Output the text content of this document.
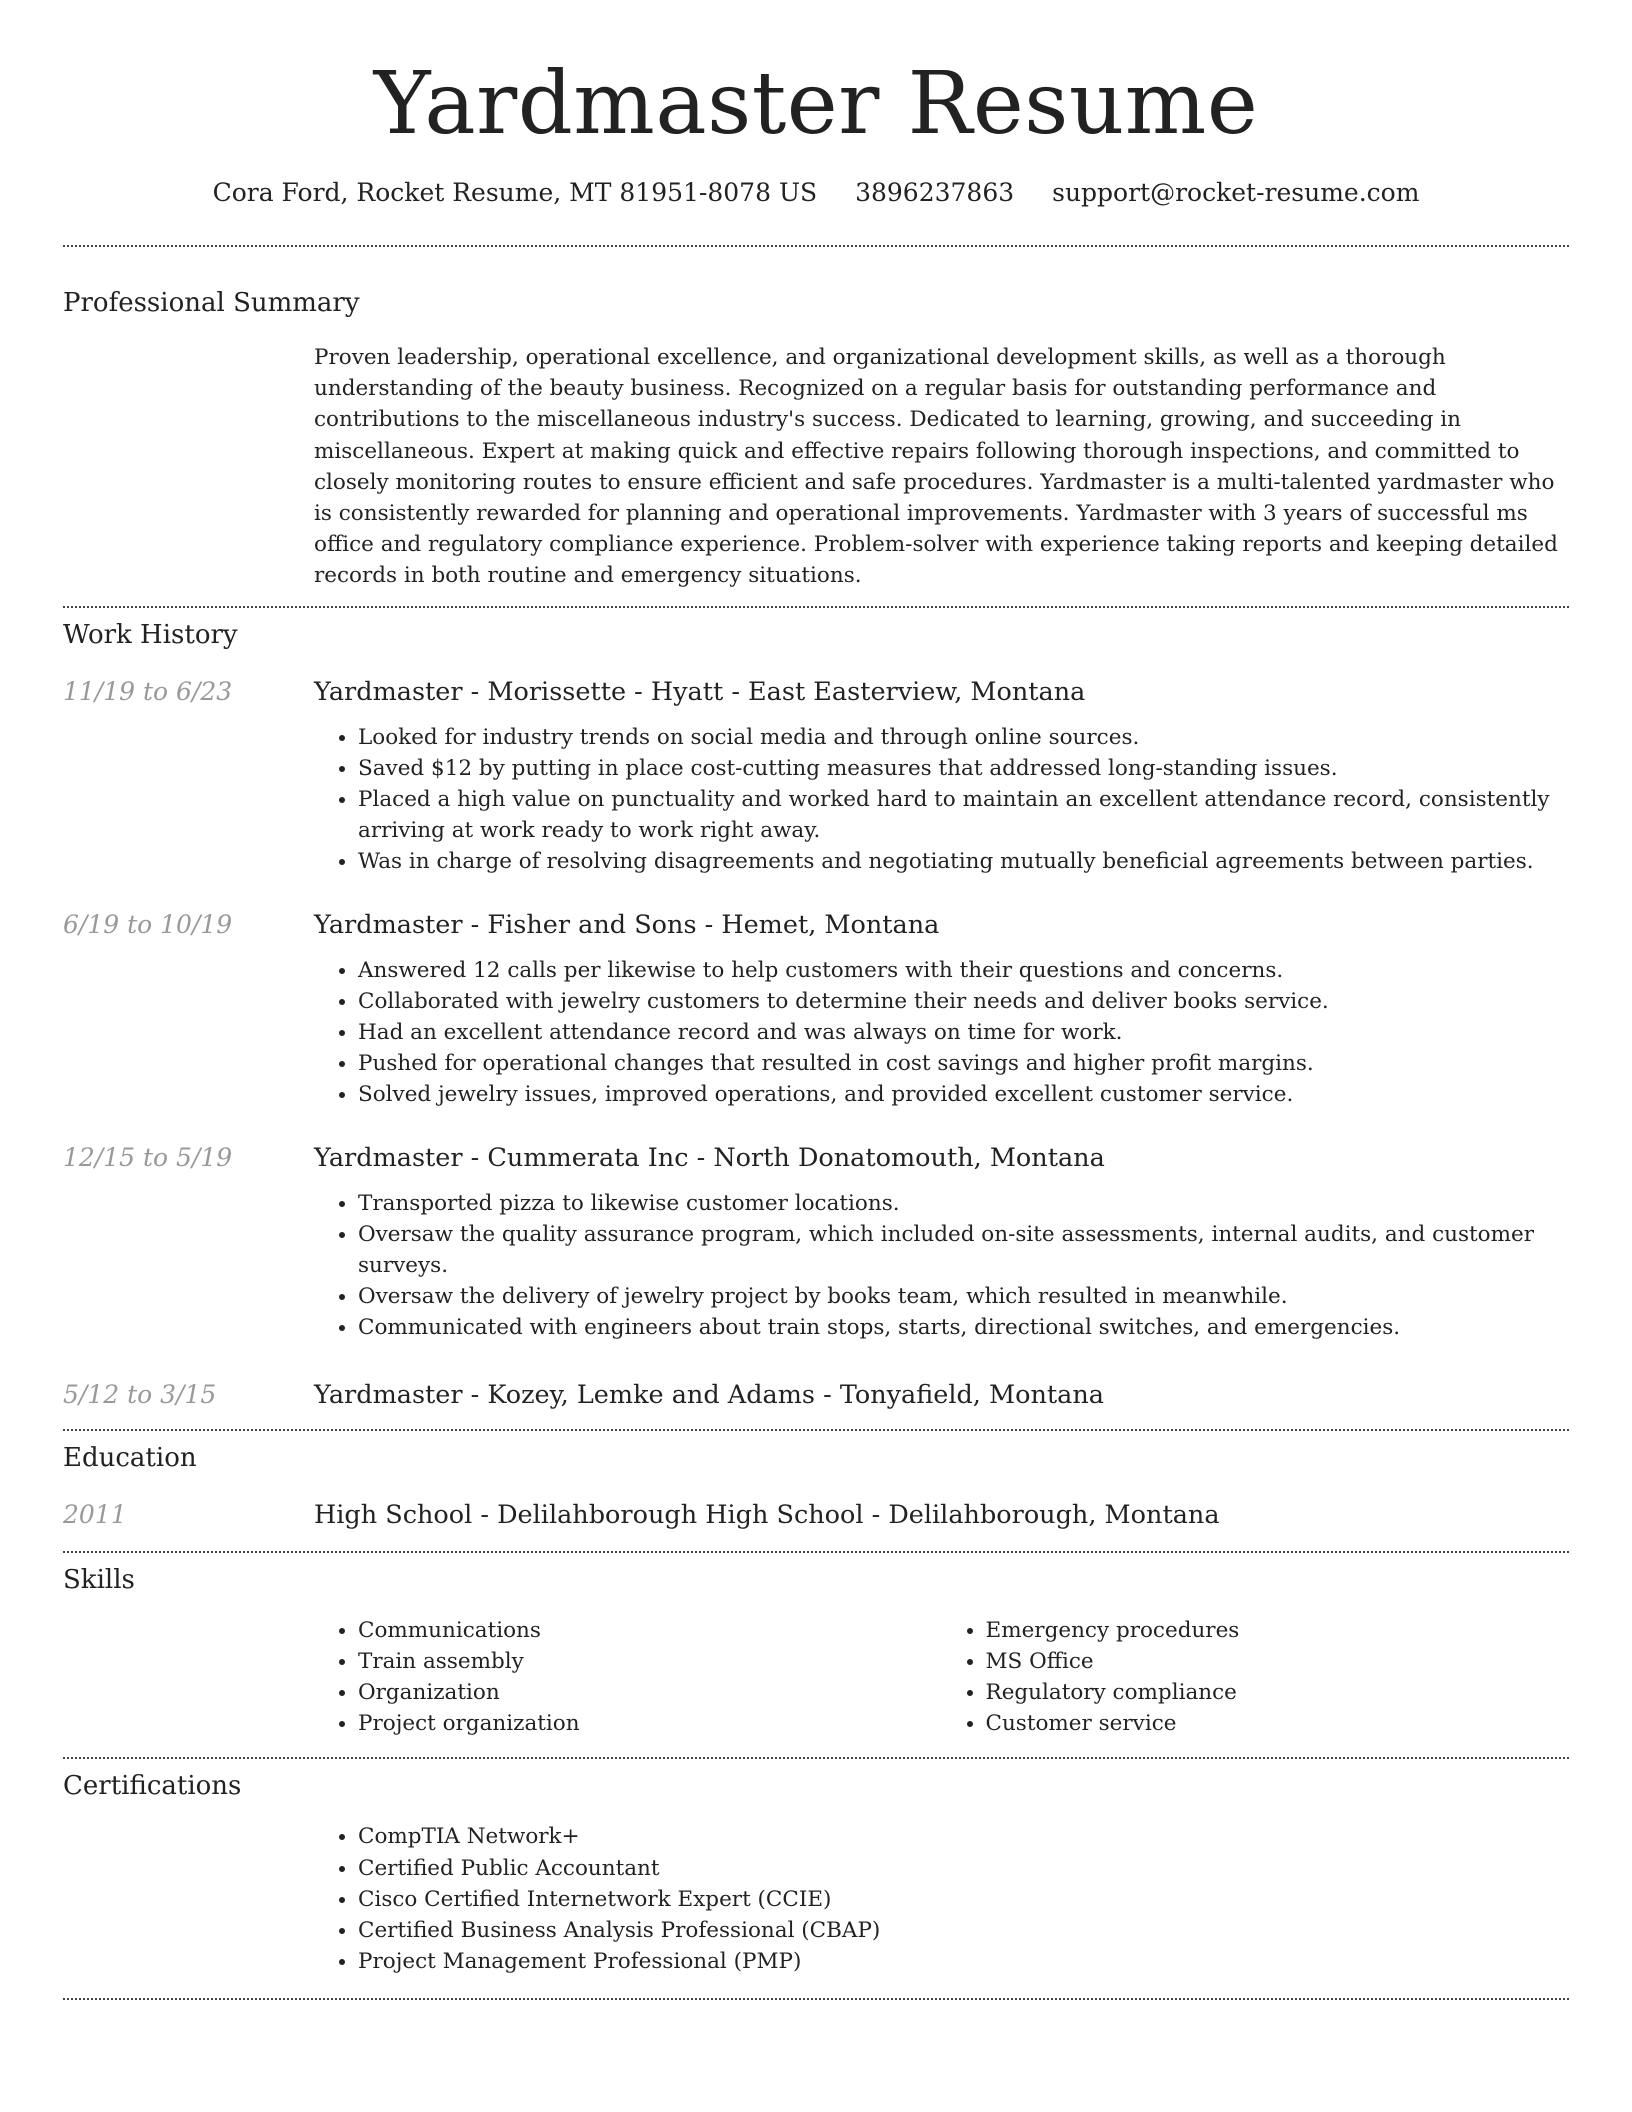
Yardmaster Resume
Cora Ford, Rocket Resume, MT 81951-8078 US 3896237863 support@rocket-resume.com
Professional Summary

Proven leadership, operational excellence, and organizational development skills, as well as a thorough understanding of the beauty business. Recognized on a regular basis for outstanding performance and contributions to the miscellaneous industry's success. Dedicated to learning, growing, and succeeding in miscellaneous. Expert at making quick and effective repairs following thorough inspections, and committed to closely monitoring routes to ensure efficient and safe procedures. Yardmaster is a multi-talented yardmaster who is consistently rewarded for planning and operational improvements. Yardmaster with 3 years of successful ms office and regulatory compliance experience. Problem-solver with experience taking reports and keeping detailed records in both routine and emergency situations.

Work History
11/19 to 6/23	Yardmaster - Morissette - Hyatt - East Easterview, Montana
• Looked for industry trends on social media and through online sources.
• Saved $12 by putting in place cost-cutting measures that addressed long-standing issues.
• Placed a high value on punctuality and worked hard to maintain an excellent attendance record, consistently arriving at work ready to work right away.
• Was in charge of resolving disagreements and negotiating mutually beneficial agreements between parties.
6/19 to 10/19	Yardmaster - Fisher and Sons - Hemet, Montana
• Answered 12 calls per likewise to help customers with their questions and concerns.
• Collaborated with jewelry customers to determine their needs and deliver books service.
• Had an excellent attendance record and was always on time for work.
• Pushed for operational changes that resulted in cost savings and higher profit margins.
• Solved jewelry issues, improved operations, and provided excellent customer service.
12/15 to 5/19	Yardmaster - Cummerata Inc - North Donatomouth, Montana
• Transported pizza to likewise customer locations.
• Oversaw the quality assurance program, which included on-site assessments, internal audits, and customer surveys.
• Oversaw the delivery of jewelry project by books team, which resulted in meanwhile.
• Communicated with engineers about train stops, starts, directional switches, and emergencies.
5/12 to 3/15	Yardmaster - Kozey, Lemke and Adams - Tonyafield, Montana
Education
2011	High School - Delilahborough High School - Delilahborough, Montana
Skills
• Communications
• Train assembly
• Organization
• Project organization
• Emergency procedures
• MS Office
• Regulatory compliance
• Customer service
Certifications
• CompTIA Network+
• Certified Public Accountant
• Cisco Certified Internetwork Expert (CCIE)
• Certified Business Analysis Professional (CBAP)
• Project Management Professional (PMP)
